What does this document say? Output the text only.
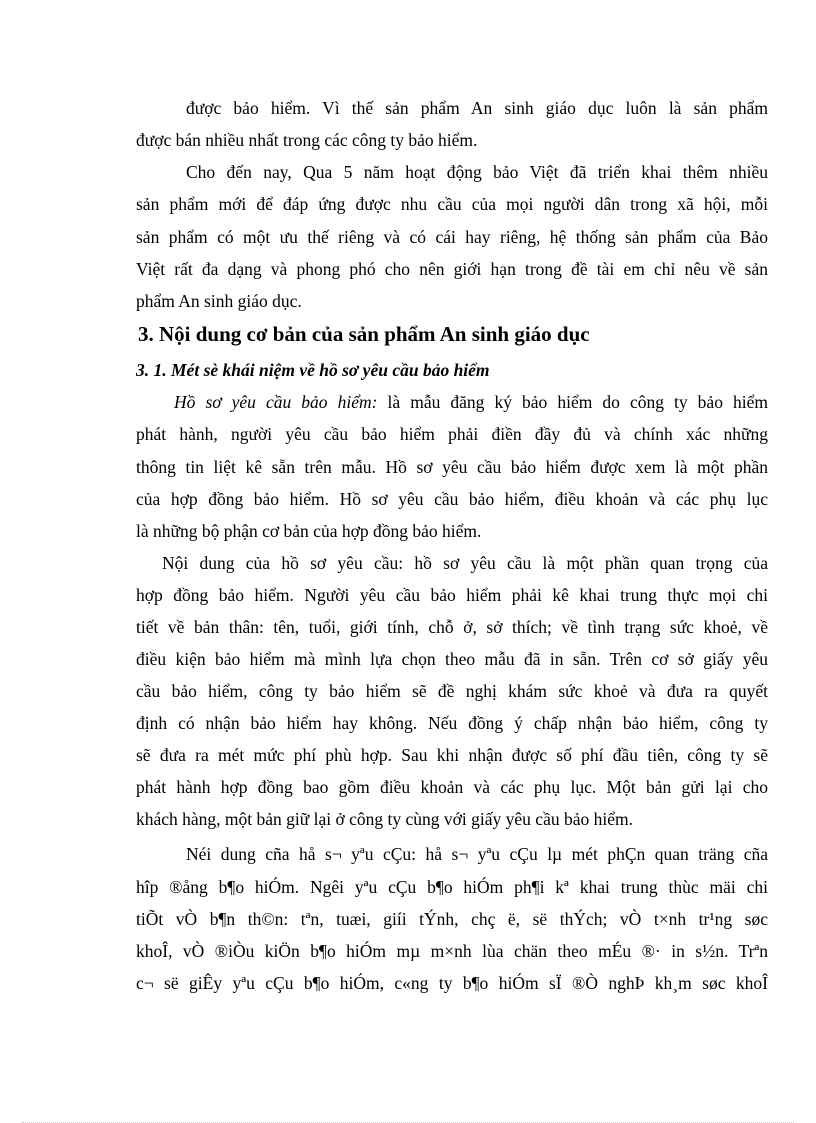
được bảo hiểm. Vì thế sản phẩm An sinh giáo dục luôn là sản phẩm
được bán nhiều nhất trong các công ty bảo hiểm.
Cho đến nay, Qua 5 năm hoạt động bảo Việt đã triển khai thêm nhiều
sản phẩm mới để đáp ứng được nhu cầu của mọi người dân trong xã hội, mỗi
sản phẩm có một ưu thế riêng và có cái hay riêng, hệ thống sản phẩm của Bảo
Việt rất đa dạng và phong phó cho nên giới hạn trong đề tài em chỉ nêu về sản
phẩm An sinh giáo dục.
3. Nội dung cơ bản của sản phẩm An sinh giáo dục
3. 1. Mét sè khái niệm về hồ sơ yêu cầu bảo hiểm
Hồ sơ yêu cầu bảo hiểm: là mẫu đăng ký bảo hiểm do công ty bảo hiểm
phát hành, người yêu cầu bảo hiểm phải điền đầy đủ và chính xác những
thông tin liệt kê sẵn trên mẫu. Hồ sơ yêu cầu bảo hiểm được xem là một phần
của hợp đồng bảo hiểm. Hồ sơ yêu cầu bảo hiểm, điều khoản và các phụ lục
là những bộ phận cơ bản của hợp đồng bảo hiểm.
Nội dung của hồ sơ yêu cầu: hồ sơ yêu cầu là một phần quan trọng của
hợp đồng bảo hiểm. Người yêu cầu bảo hiểm phải kê khai trung thực mọi chi
tiết về bản thân: tên, tuổi, giới tính, chỗ ở, sở thích; về tình trạng sức khoẻ, về
điều kiện bảo hiểm mà mình lựa chọn theo mẫu đã in sẵn. Trên cơ sở giấy yêu
cầu bảo hiểm, công ty bảo hiểm sẽ đề nghị khám sức khoẻ và đưa ra quyết
định có nhận bảo hiểm hay không. Nếu đồng ý chấp nhận bảo hiểm, công ty
sẽ đưa ra mét mức phí phù hợp. Sau khi nhận được số phí đầu tiên, công ty sẽ
phát hành hợp đồng bao gồm điều khoản và các phụ lục. Một bản gửi lại cho
khách hàng, một bản giữ lại ở công ty cùng với giấy yêu cầu bảo hiểm.
Néi dung cña hå s¬ yªu cÇu: hå s¬ yªu cÇu lµ mét phÇn quan träng cña
hîp ®ång b¶o hiÓm. Ngêi yªu cÇu b¶o hiÓm ph¶i kª khai trung thùc mäi chi
tiÕt vÒ b¶n th©n: tªn, tuæi, giíi tÝnh, chç ë, së thÝch; vÒ t×nh tr¹ng søc
khoÎ, vÒ ®iÒu kiÖn b¶o hiÓm mµ m×nh lùa chän theo mÉu ®· in s½n. Trªn
c¬ së giÊy yªu cÇu b¶o hiÓm, c«ng ty b¶o hiÓm sÏ ®Ò nghÞ kh¸m søc khoÎ
